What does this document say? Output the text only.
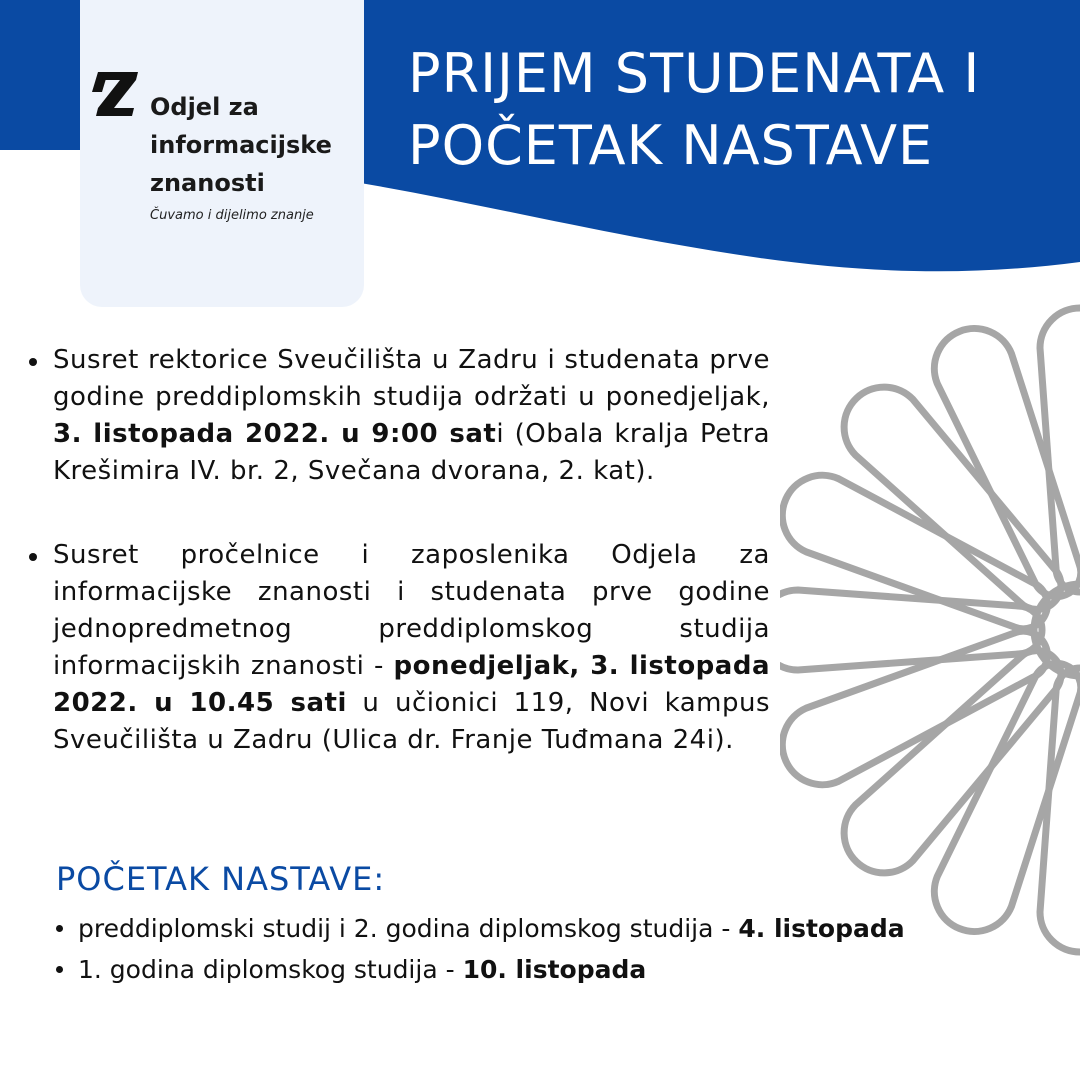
Odjel za
informacijske
znanosti

Čuvamo i dijelimo znanje

PRIJEM STUDENATA I
POČETAK NASTAVE

Susret rektorice Sveučilišta u Zadru i studenata prve godine preddiplomskih studija održati u ponedjeljak, 3. listopada 2022. u 9:00 sati (Obala kralja Petra Krešimira IV. br. 2, Svečana dvorana, 2. kat).

Susret pročelnice i zaposlenika Odjela za informacijske znanosti i studenata prve godine jednopredmetnog preddiplomskog studija informacijskih znanosti - ponedjeljak, 3. listopada 2022. u 10.45 sati u učionici 119, Novi kampus Sveučilišta u Zadru (Ulica dr. Franje Tuđmana 24i).

POČETAK NASTAVE:
preddiplomski studij i 2. godina diplomskog studija - 4. listopada
1. godina diplomskog studija - 10. listopada
